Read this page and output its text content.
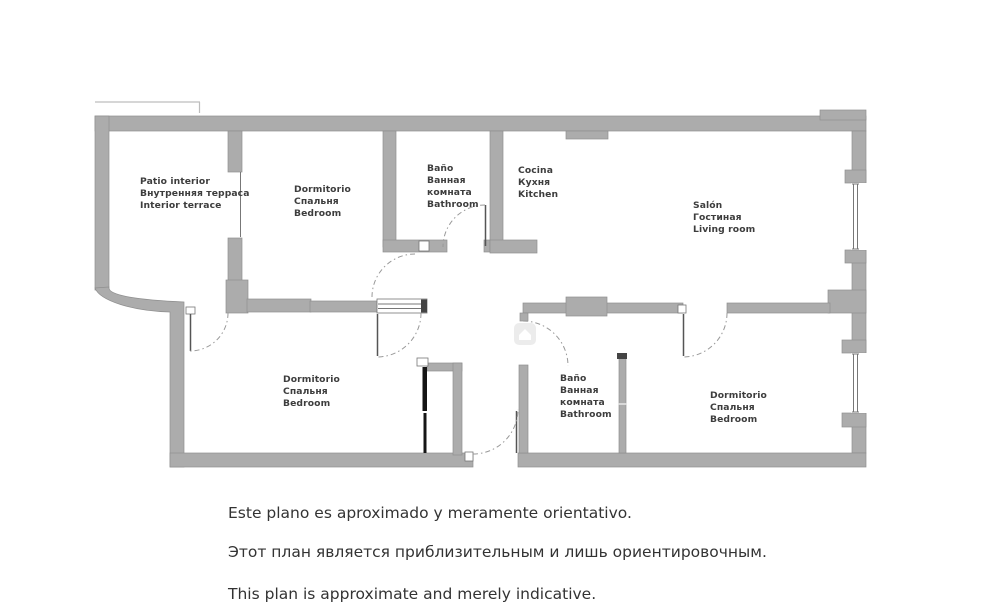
Patio interior
Внутренняя терраса
Interior terrace
Dormitorio
Спальня
Bedroom
Baño
Ванная
комната
Bathroom
Cocina
Кухня
Kitchen
Salón
Гостиная
Living room
Dormitorio
Спальня
Bedroom
Baño
Ванная
комната
Bathroom
Dormitorio
Спальня
Bedroom

Este plano es aproximado y meramente orientativo.

Этот план является приблизительным и лишь ориентировочным.

This plan is approximate and merely indicative.
